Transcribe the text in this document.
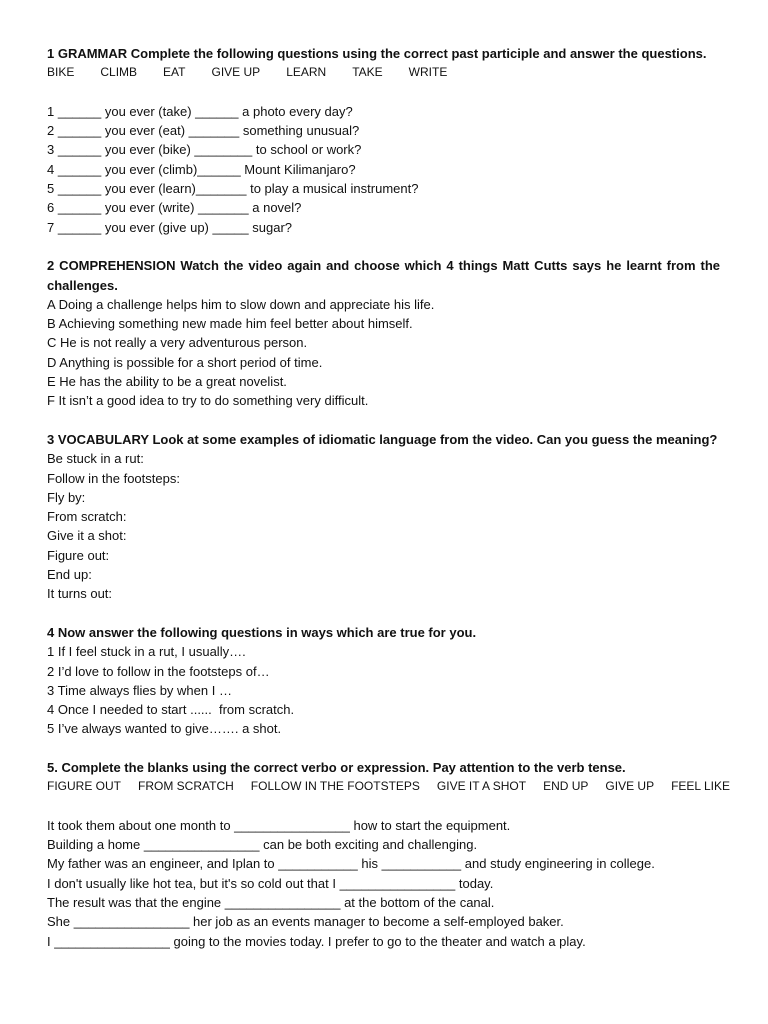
1 GRAMMAR Complete the following questions using the correct past participle and answer the questions.

BIKE CLIMB EAT GIVE UP LEARN TAKE WRITE

1 ______ you ever (take) ______ a photo every day?

2 ______ you ever (eat) _______ something unusual?

3 ______ you ever (bike) ________ to school or work?

4 ______ you ever (climb)______ Mount Kilimanjaro?

5 ______ you ever (learn)_______ to play a musical instrument?

6 ______ you ever (write) _______ a novel?

7 ______ you ever (give up) _____ sugar?

2 COMPREHENSION Watch the video again and choose which 4 things Matt Cutts says he learnt from the challenges.

A Doing a challenge helps him to slow down and appreciate his life.

B Achieving something new made him feel better about himself.

C He is not really a very adventurous person.

D Anything is possible for a short period of time.

E He has the ability to be a great novelist.

F It isn’t a good idea to try to do something very difficult.

3 VOCABULARY Look at some examples of idiomatic language from the video. Can you guess the meaning?

Be stuck in a rut:

Follow in the footsteps:

Fly by:

From scratch:

Give it a shot:

Figure out:

End up:

It turns out:

4 Now answer the following questions in ways which are true for you.

1 If I feel stuck in a rut, I usually….

2 I’d love to follow in the footsteps of…

3 Time always flies by when I …

4 Once I needed to start ......  from scratch.

5 I’ve always wanted to give……. a shot.

5. Complete the blanks using the correct verbo or expression. Pay attention to the verb tense.

FIGURE OUT FROM SCRATCH FOLLOW IN THE FOOTSTEPS GIVE IT A SHOT END UP GIVE UP FEEL LIKE

It took them about one month to ________________ how to start the equipment.

Building a home ________________ can be both exciting and challenging.

My father was an engineer, and Iplan to ___________ his ___________ and study engineering in college.

I don't usually like hot tea, but it's so cold out that I ________________ today.

The result was that the engine ________________ at the bottom of the canal.

She ________________ her job as an events manager to become a self-employed baker.

I ________________ going to the movies today. I prefer to go to the theater and watch a play.
